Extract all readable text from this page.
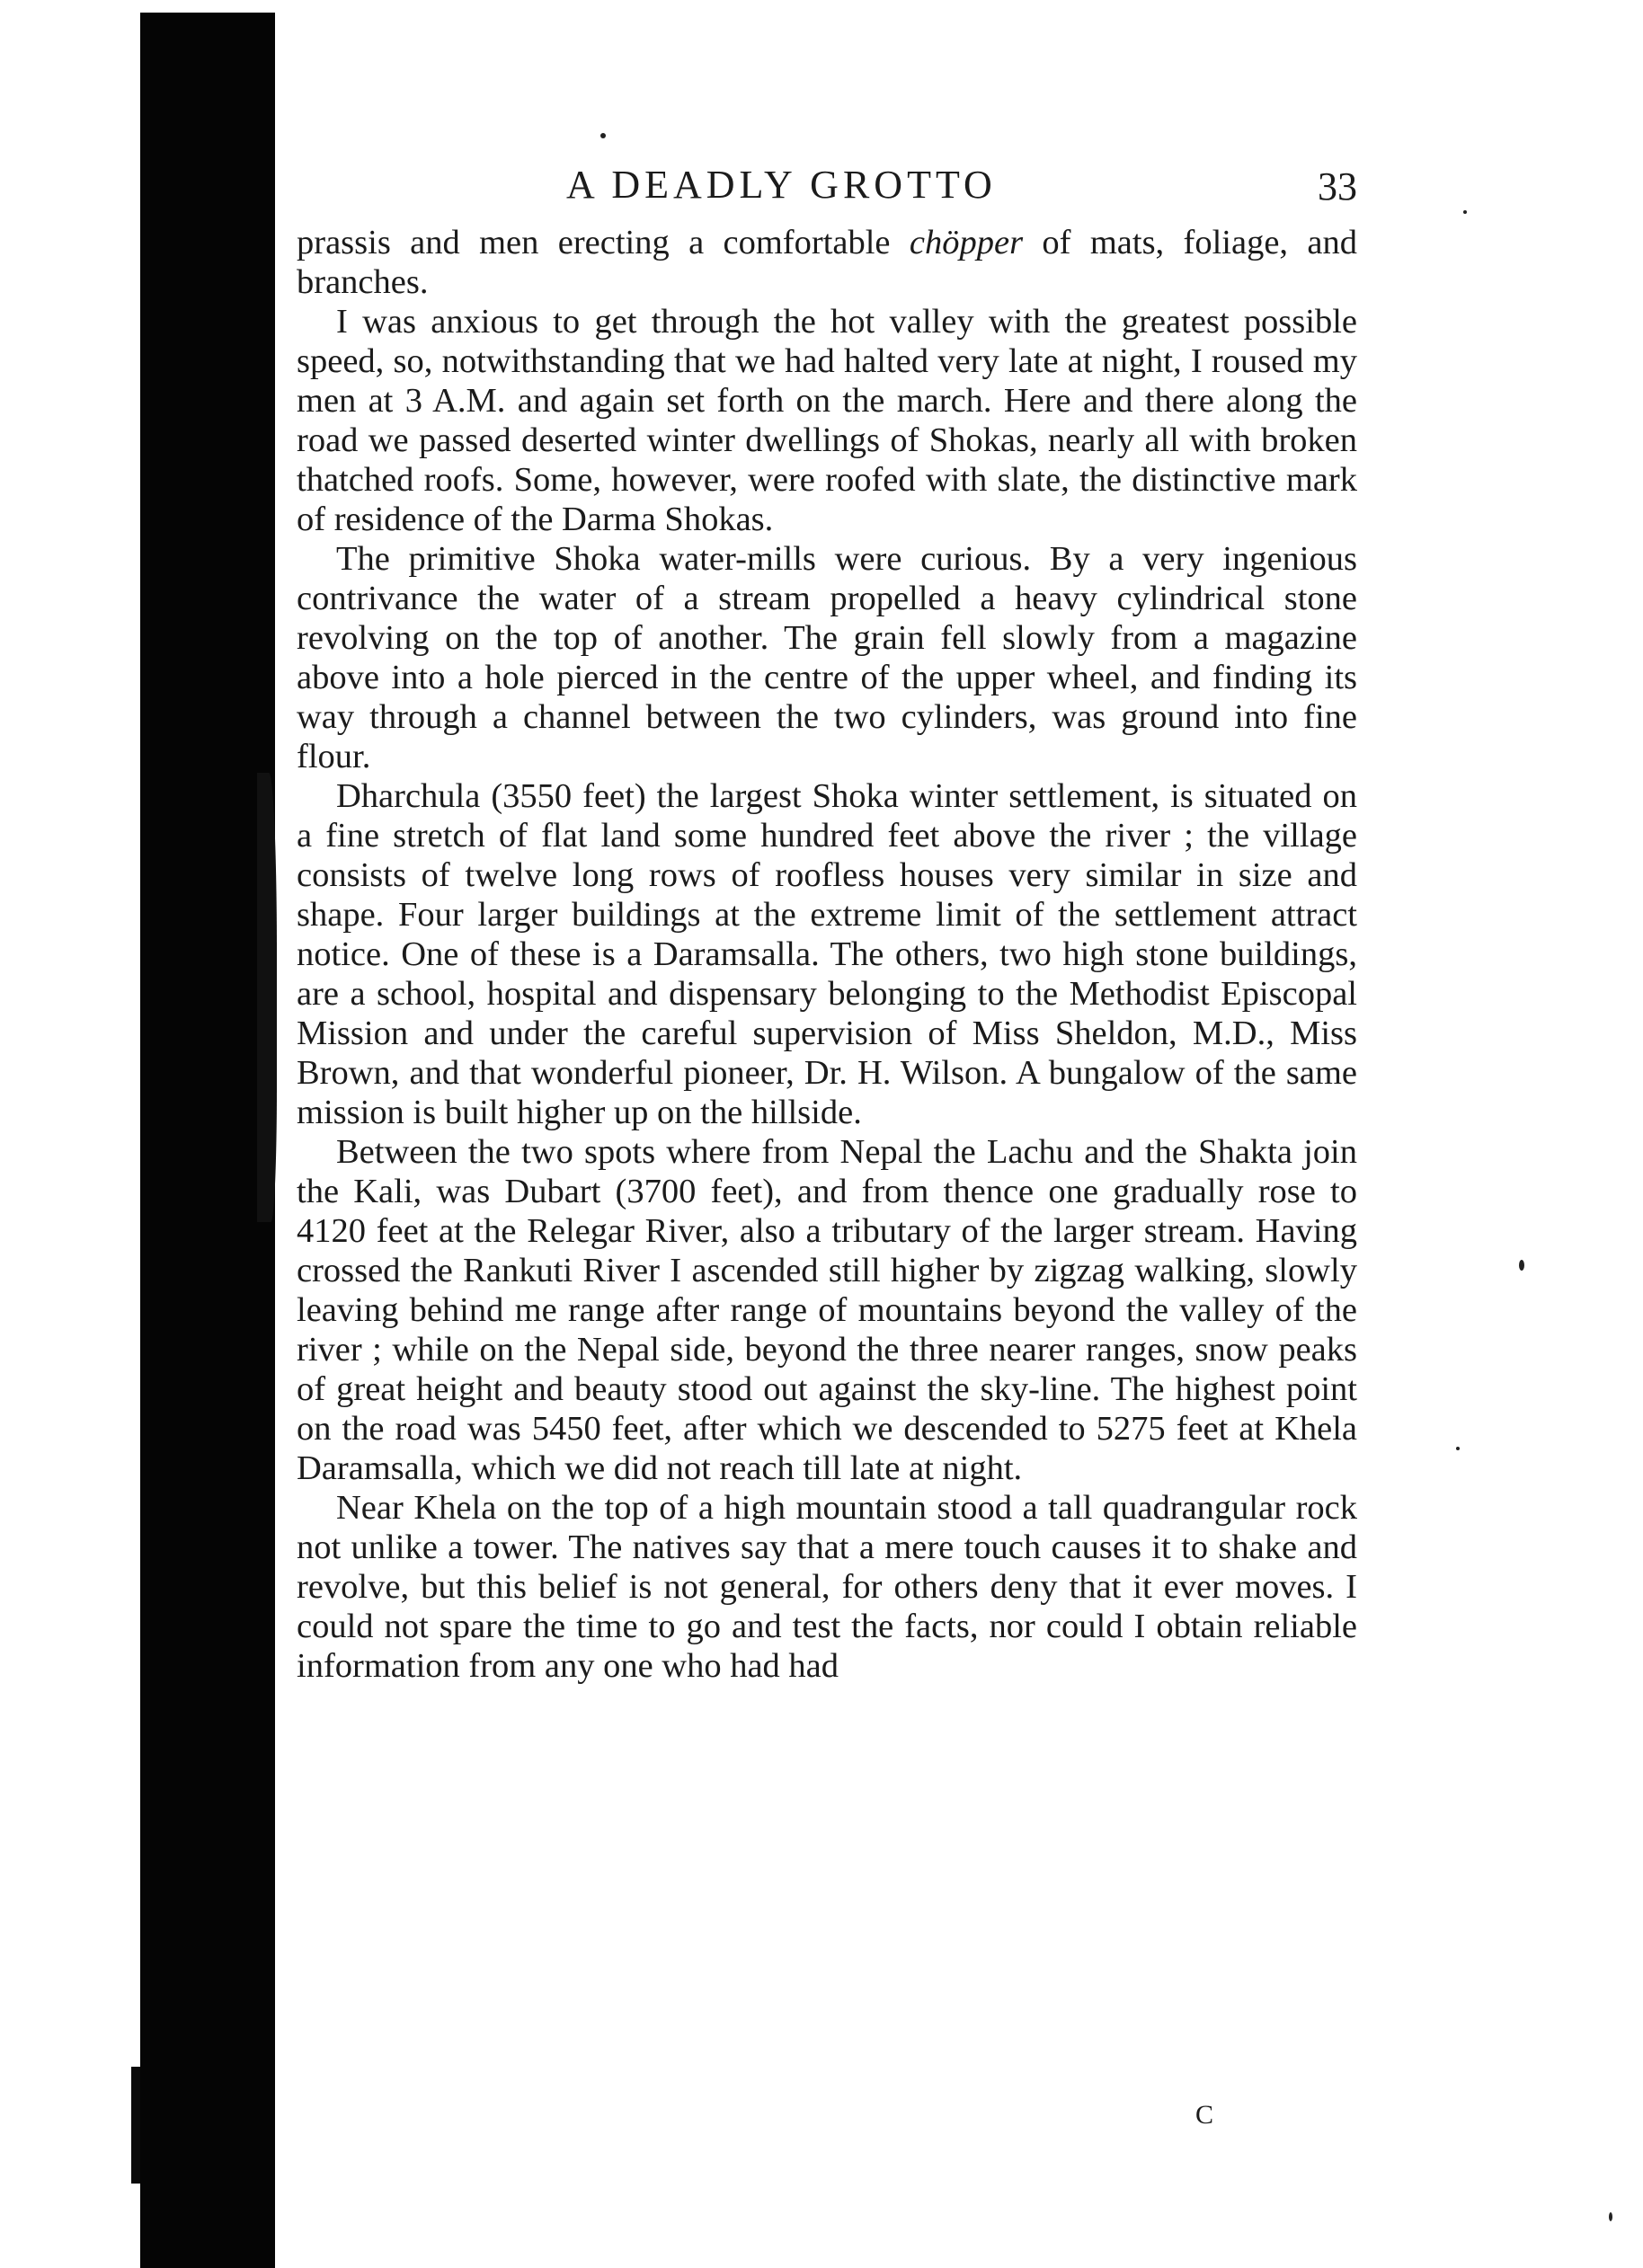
A DEADLY GROTTO	33

prassis and men erecting a comfortable chöpper of mats, foliage, and branches.

I was anxious to get through the hot valley with the greatest possible speed, so, notwithstanding that we had halted very late at night, I roused my men at 3 A.M. and again set forth on the march. Here and there along the road we passed deserted winter dwellings of Shokas, nearly all with broken thatched roofs. Some, however, were roofed with slate, the distinctive mark of residence of the Darma Shokas.

The primitive Shoka water-mills were curious. By a very ingenious contrivance the water of a stream propelled a heavy cylindrical stone revolving on the top of another. The grain fell slowly from a magazine above into a hole pierced in the centre of the upper wheel, and finding its way through a channel between the two cylinders, was ground into fine flour.

Dharchula (3550 feet) the largest Shoka winter settlement, is situated on a fine stretch of flat land some hundred feet above the river ; the village consists of twelve long rows of roofless houses very similar in size and shape. Four larger buildings at the extreme limit of the settlement attract notice. One of these is a Daramsalla. The others, two high stone buildings, are a school, hospital and dispensary belonging to the Methodist Episcopal Mission and under the careful supervision of Miss Sheldon, M.D., Miss Brown, and that wonderful pioneer, Dr. H. Wilson. A bungalow of the same mission is built higher up on the hillside.

Between the two spots where from Nepal the Lachu and the Shakta join the Kali, was Dubart (3700 feet), and from thence one gradually rose to 4120 feet at the Relegar River, also a tributary of the larger stream. Having crossed the Rankuti River I ascended still higher by zigzag walking, slowly leaving behind me range after range of mountains beyond the valley of the river ; while on the Nepal side, beyond the three nearer ranges, snow peaks of great height and beauty stood out against the sky-line. The highest point on the road was 5450 feet, after which we descended to 5275 feet at Khela Daramsalla, which we did not reach till late at night.

Near Khela on the top of a high mountain stood a tall quadrangular rock not unlike a tower. The natives say that a mere touch causes it to shake and revolve, but this belief is not general, for others deny that it ever moves. I could not spare the time to go and test the facts, nor could I obtain reliable information from any one who had had

C
